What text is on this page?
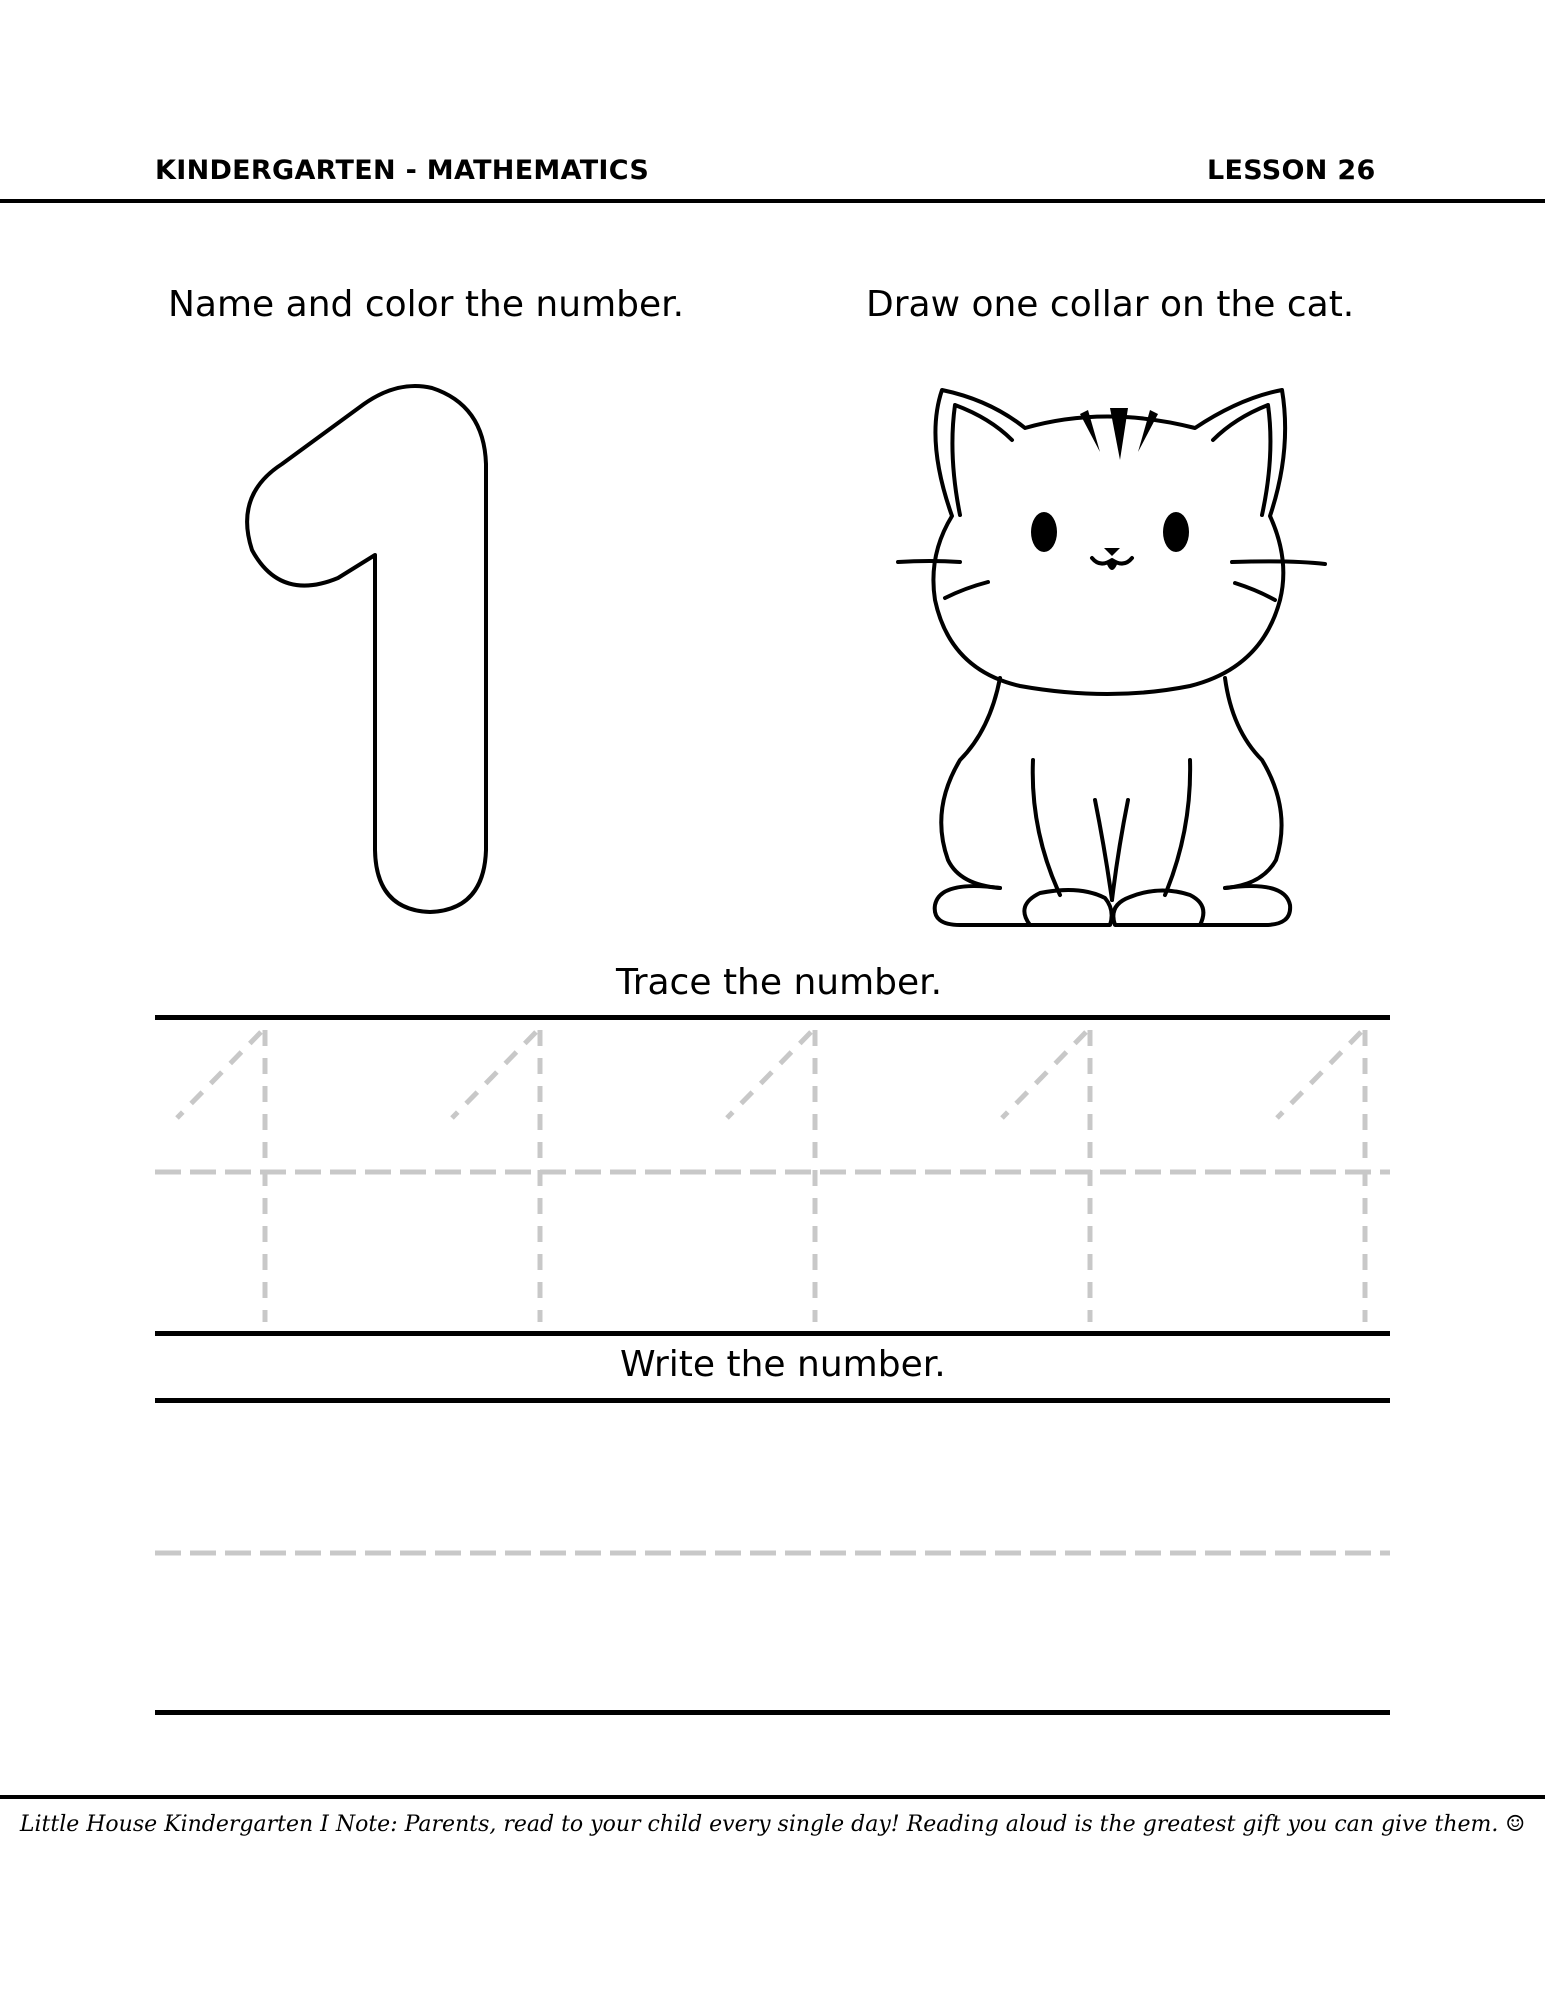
KINDERGARTEN - MATHEMATICS	LESSON 26
Name and color the number.	Draw one collar on the cat.
Trace the number.
Write the number.
Little House Kindergarten I Note: Parents, read to your child every single day! Reading aloud is the greatest gift you can give them. ☺
